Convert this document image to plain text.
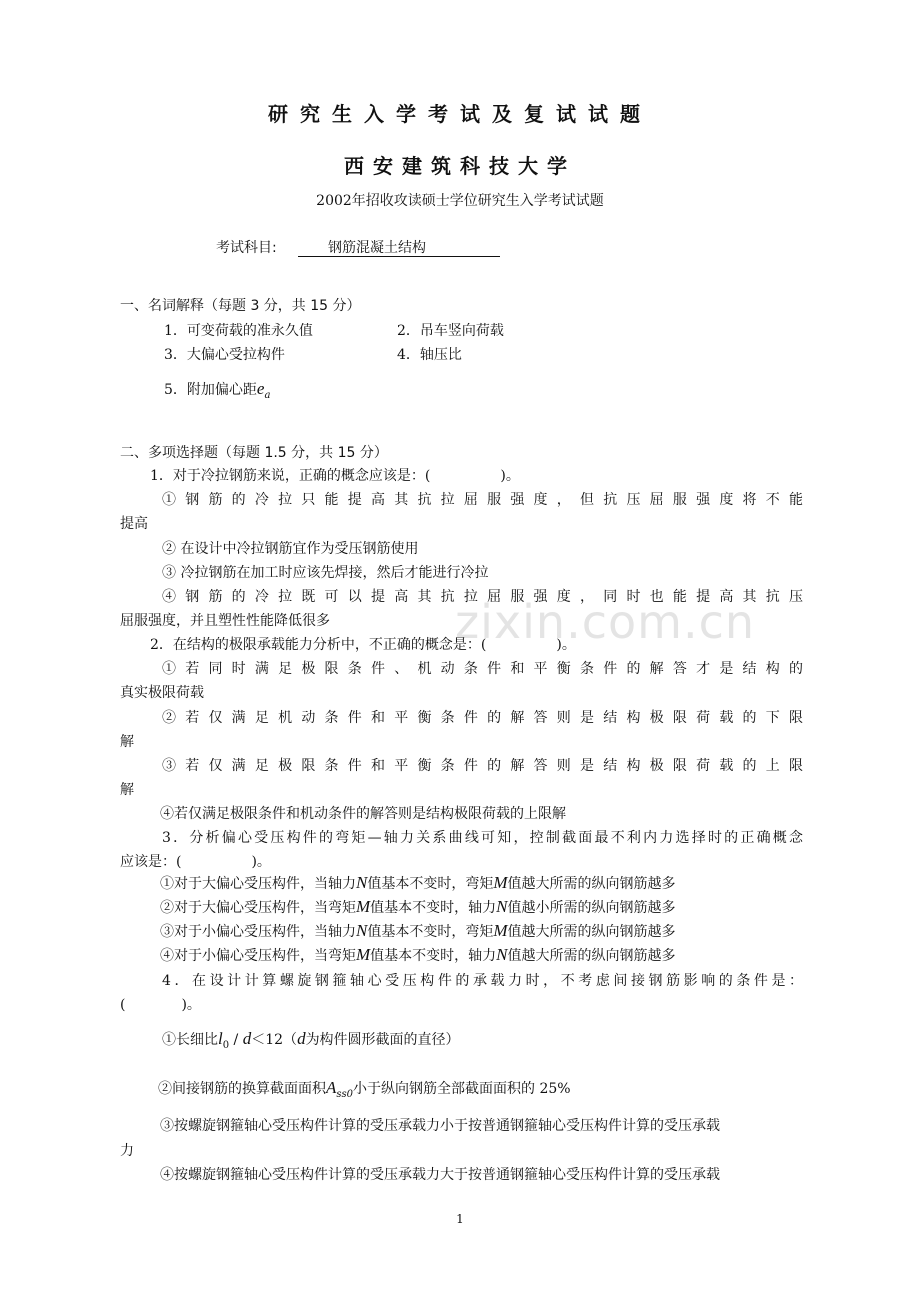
研究生入学考试及复试试题
西安建筑科技大学
2002年招收攻读硕士学位研究生入学考试试题
考试科目:	钢筋混凝土结构
一、名词解释（每题 3 分，共 15 分）
1．可变荷载的准永久值	2．吊车竖向荷载
3．大偏心受拉构件	4．轴压比
5．附加偏心距$e_a$
二、多项选择题（每题 1.5 分，共 15 分）
1．对于冷拉钢筋来说，正确的概念应该是：(　　　　　)。
① 钢 筋 的 冷 拉 只 能 提 高 其 抗 拉 屈 服 强 度 ， 但 抗 压 屈 服 强 度 将 不 能
提高
② 在设计中冷拉钢筋宜作为受压钢筋使用
③ 冷拉钢筋在加工时应该先焊接，然后才能进行冷拉
④ 钢 筋 的 冷 拉 既 可 以 提 高 其 抗 拉 屈 服 强 度 ， 同 时 也 能 提 高 其 抗 压
屈服强度，并且塑性性能降低很多	zixin.com.cn
2．在结构的极限承载能力分析中，不正确的概念是：(　　　　　)。
① 若 同 时 满 足 极 限 条 件 、 机 动 条 件 和 平 衡 条 件 的 解 答 才 是 结 构 的
真实极限荷载
② 若 仅 满 足 机 动 条 件 和 平 衡 条 件 的 解 答 则 是 结 构 极 限 荷 载 的 下 限
解
③ 若 仅 满 足 极 限 条 件 和 平 衡 条 件 的 解 答 则 是 结 构 极 限 荷 载 的 上 限
解
④若仅满足极限条件和机动条件的解答则是结构极限荷载的上限解
3．分析偏心受压构件的弯矩—轴力关系曲线可知，控制截面最不利内力选择时的正确概念
应该是：(　　　　　)。
①对于大偏心受压构件，当轴力N值基本不变时，弯矩M值越大所需的纵向钢筋越多
②对于大偏心受压构件，当弯矩M值基本不变时，轴力N值越小所需的纵向钢筋越多
③对于小偏心受压构件，当轴力N值基本不变时，弯矩M值越大所需的纵向钢筋越多
④对于小偏心受压构件，当弯矩M值基本不变时，轴力N值越大所需的纵向钢筋越多
4．在设计计算螺旋钢箍轴心受压构件的承载力时，不考虑间接钢筋影响的条件是：
(　　　　)。
①长细比$l_0 / d<12(d$为构件圆形截面的直径）
②间接钢筋的换算截面面积$A_{ss0}$小于纵向钢筋全部截面面积的 25%
③按螺旋钢箍轴心受压构件计算的受压承载力小于按普通钢箍轴心受压构件计算的受压承载
力
④按螺旋钢箍轴心受压构件计算的受压承载力大于按普通钢箍轴心受压构件计算的受压承载
1
